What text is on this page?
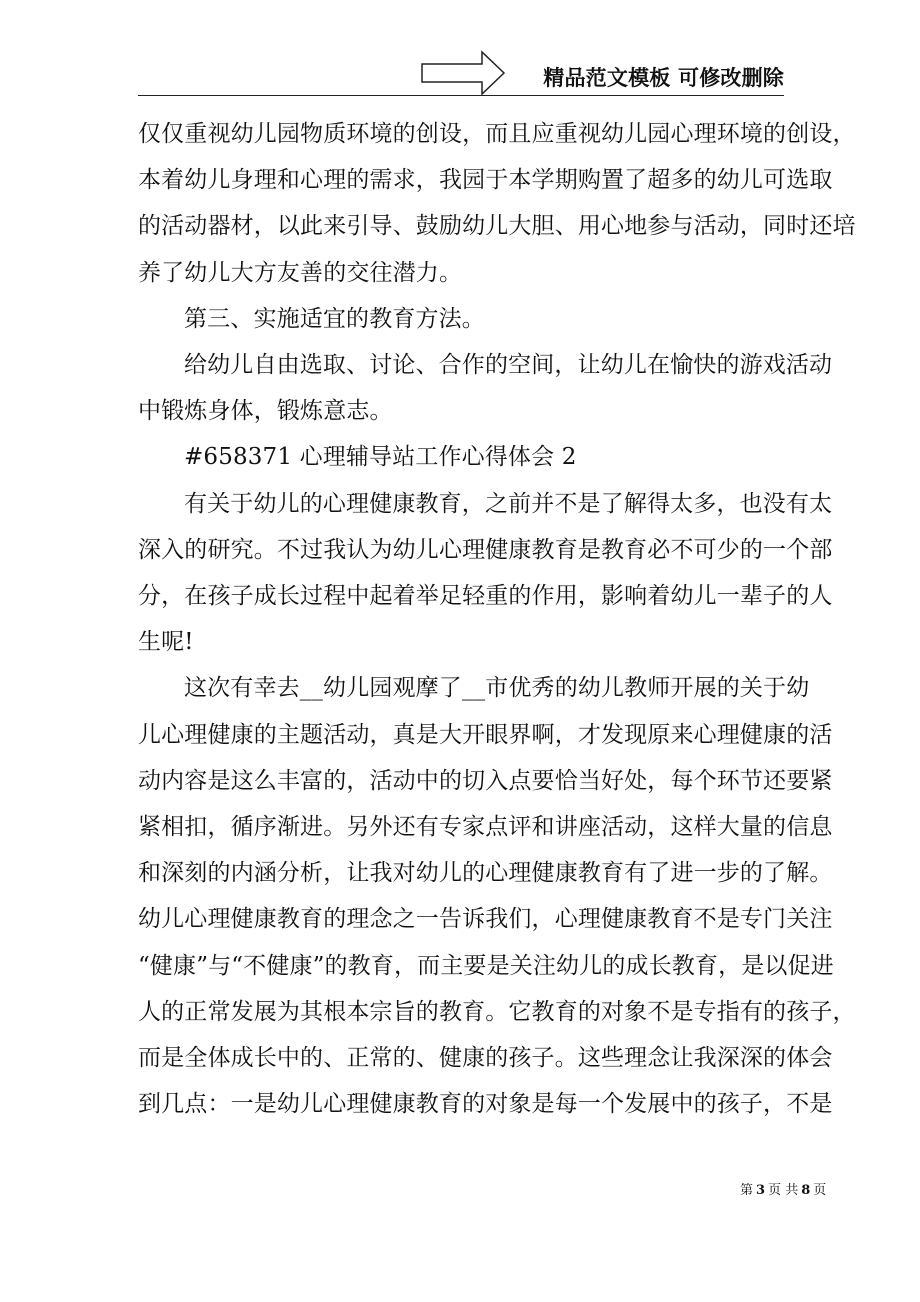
精品范文模板 可修改删除

仅仅重视幼儿园物质环境的创设，而且应重视幼儿园心理环境的创设，
本着幼儿身理和心理的需求，我园于本学期购置了超多的幼儿可选取
的活动器材，以此来引导、鼓励幼儿大胆、用心地参与活动，同时还培
养了幼儿大方友善的交往潜力。

第三、实施适宜的教育方法。

给幼儿自由选取、讨论、合作的空间，让幼儿在愉快的游戏活动
中锻炼身体，锻炼意志。

#658371 心理辅导站工作心得体会 2

有关于幼儿的心理健康教育，之前并不是了解得太多，也没有太
深入的研究。不过我认为幼儿心理健康教育是教育必不可少的一个部
分，在孩子成长过程中起着举足轻重的作用，影响着幼儿一辈子的人
生呢!

这次有幸去__幼儿园观摩了__市优秀的幼儿教师开展的关于幼
儿心理健康的主题活动，真是大开眼界啊，才发现原来心理健康的活
动内容是这么丰富的，活动中的切入点要恰当好处，每个环节还要紧
紧相扣，循序渐进。另外还有专家点评和讲座活动，这样大量的信息
和深刻的内涵分析，让我对幼儿的心理健康教育有了进一步的了解。
幼儿心理健康教育的理念之一告诉我们，心理健康教育不是专门关注
“健康”与“不健康”的教育，而主要是关注幼儿的成长教育，是以促进
人的正常发展为其根本宗旨的教育。它教育的对象不是专指有的孩子，
而是全体成长中的、正常的、健康的孩子。这些理念让我深深的体会
到几点：一是幼儿心理健康教育的对象是每一个发展中的孩子，不是

第 3 页 共 8 页
